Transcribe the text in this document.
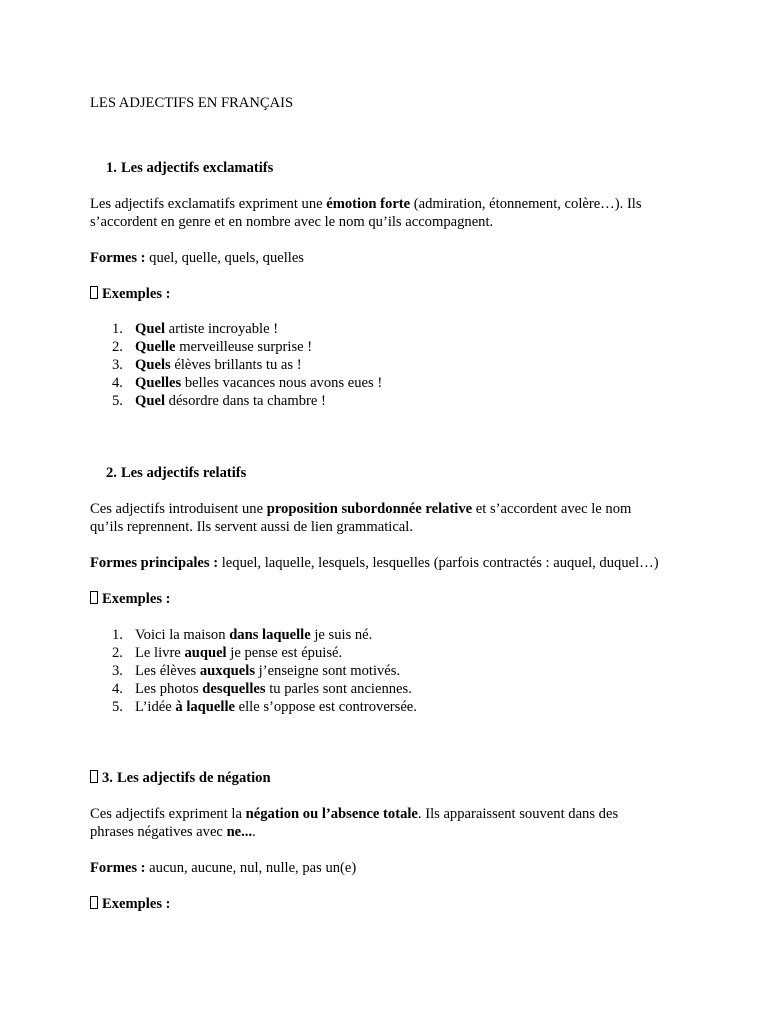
LES ADJECTIFS EN FRANÇAIS
1. Les adjectifs exclamatifs
Les adjectifs exclamatifs expriment une émotion forte (admiration, étonnement, colère…). Ils
s’accordent en genre et en nombre avec le nom qu’ils accompagnent.
Formes : quel, quelle, quels, quelles
Exemples :
1. Quel artiste incroyable !
2. Quelle merveilleuse surprise !
3. Quels élèves brillants tu as !
4. Quelles belles vacances nous avons eues !
5. Quel désordre dans ta chambre !
2. Les adjectifs relatifs
Ces adjectifs introduisent une proposition subordonnée relative et s’accordent avec le nom
qu’ils reprennent. Ils servent aussi de lien grammatical.
Formes principales : lequel, laquelle, lesquels, lesquelles (parfois contractés : auquel, duquel…)
Exemples :
1. Voici la maison dans laquelle je suis né.
2. Le livre auquel je pense est épuisé.
3. Les élèves auxquels j’enseigne sont motivés.
4. Les photos desquelles tu parles sont anciennes.
5. L’idée à laquelle elle s’oppose est controversée.
3. Les adjectifs de négation
Ces adjectifs expriment la négation ou l’absence totale. Ils apparaissent souvent dans des
phrases négatives avec ne....
Formes : aucun, aucune, nul, nulle, pas un(e)
Exemples :
